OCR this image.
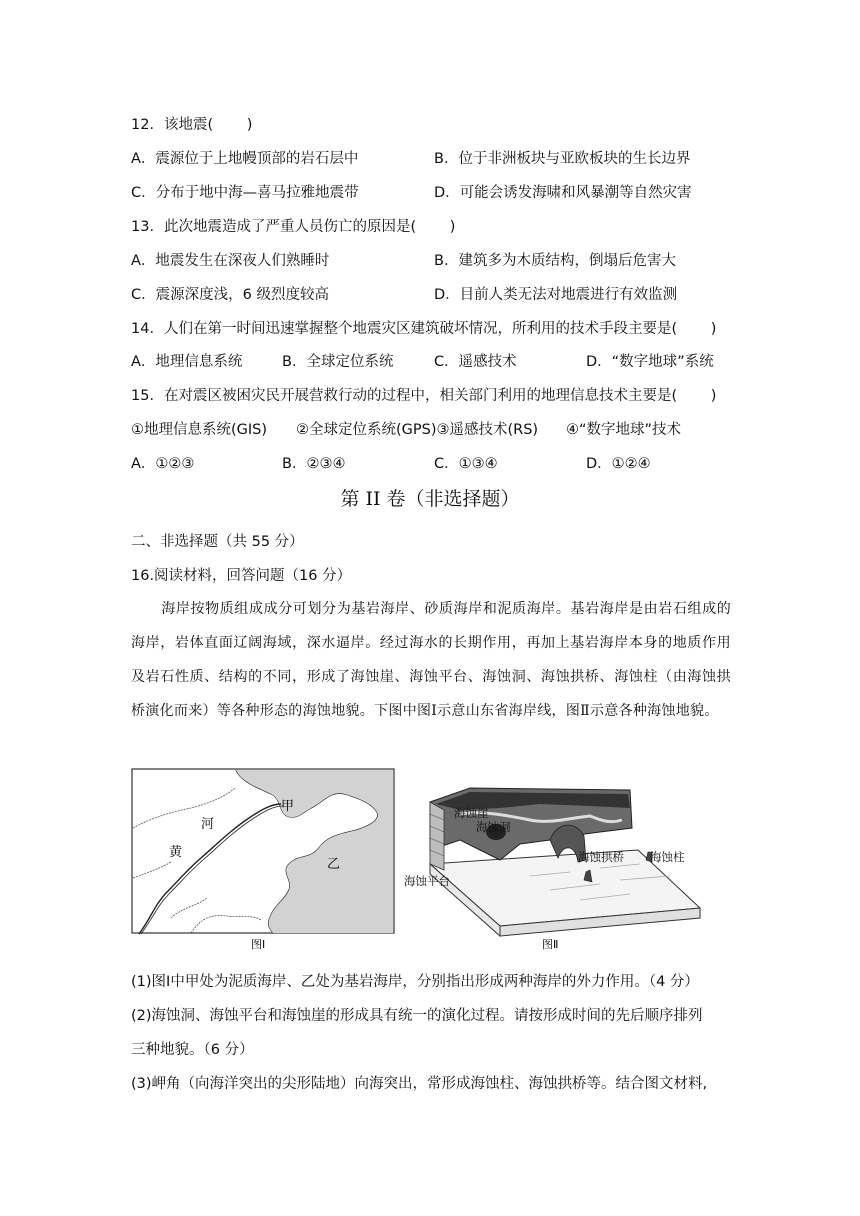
12．该地震(　　 )
A．震源位于上地幔顶部的岩石层中	B．位于非洲板块与亚欧板块的生长边界
C．分布于地中海—喜马拉雅地震带	D．可能会诱发海啸和风暴潮等自然灾害
13．此次地震造成了严重人员伤亡的原因是(　　 )
A．地震发生在深夜人们熟睡时	B．建筑多为木质结构，倒塌后危害大
C．震源深度浅，6 级烈度较高	D．目前人类无法对地震进行有效监测
14．人们在第一时间迅速掌握整个地震灾区建筑破坏情况，所利用的技术手段主要是(　　 )
A．地理信息系统	B．全球定位系统	C．遥感技术	D．“数字地球”系统
15．在对震区被困灾民开展营救行动的过程中，相关部门利用的地理信息技术主要是(　　 )
①地理信息系统(GIS) ②全球定位系统(GPS)③遥感技术(RS) ④“数字地球”技术
A．①②③	B．②③④	C．①③④	D．①②④
第 II 卷（非选择题）
二、非选择题（共 55 分）
16.阅读材料，回答问题（16 分）
海岸按物质组成成分可划分为基岩海岸、砂质海岸和泥质海岸。基岩海岸是由岩石组成的海岸，岩体直面辽阔海域，深水逼岸。经过海水的长期作用，再加上基岩海岸本身的地质作用及岩石性质、结构的不同，形成了海蚀崖、海蚀平台、海蚀洞、海蚀拱桥、海蚀柱（由海蚀拱桥演化而来）等各种形态的海蚀地貌。下图中图Ⅰ示意山东省海岸线，图Ⅱ示意各种海蚀地貌。
甲
乙
河
黄
图Ⅰ
海蚀崖
海蚀洞
海蚀拱桥 海蚀柱
海蚀平台
图Ⅱ
(1)图Ⅰ中甲处为泥质海岸、乙处为基岩海岸，分别指出形成两种海岸的外力作用。（4 分）
(2)海蚀洞、海蚀平台和海蚀崖的形成具有统一的演化过程。请按形成时间的先后顺序排列
三种地貌。（6 分）
(3)岬角（向海洋突出的尖形陆地）向海突出，常形成海蚀柱、海蚀拱桥等。结合图文材料,
